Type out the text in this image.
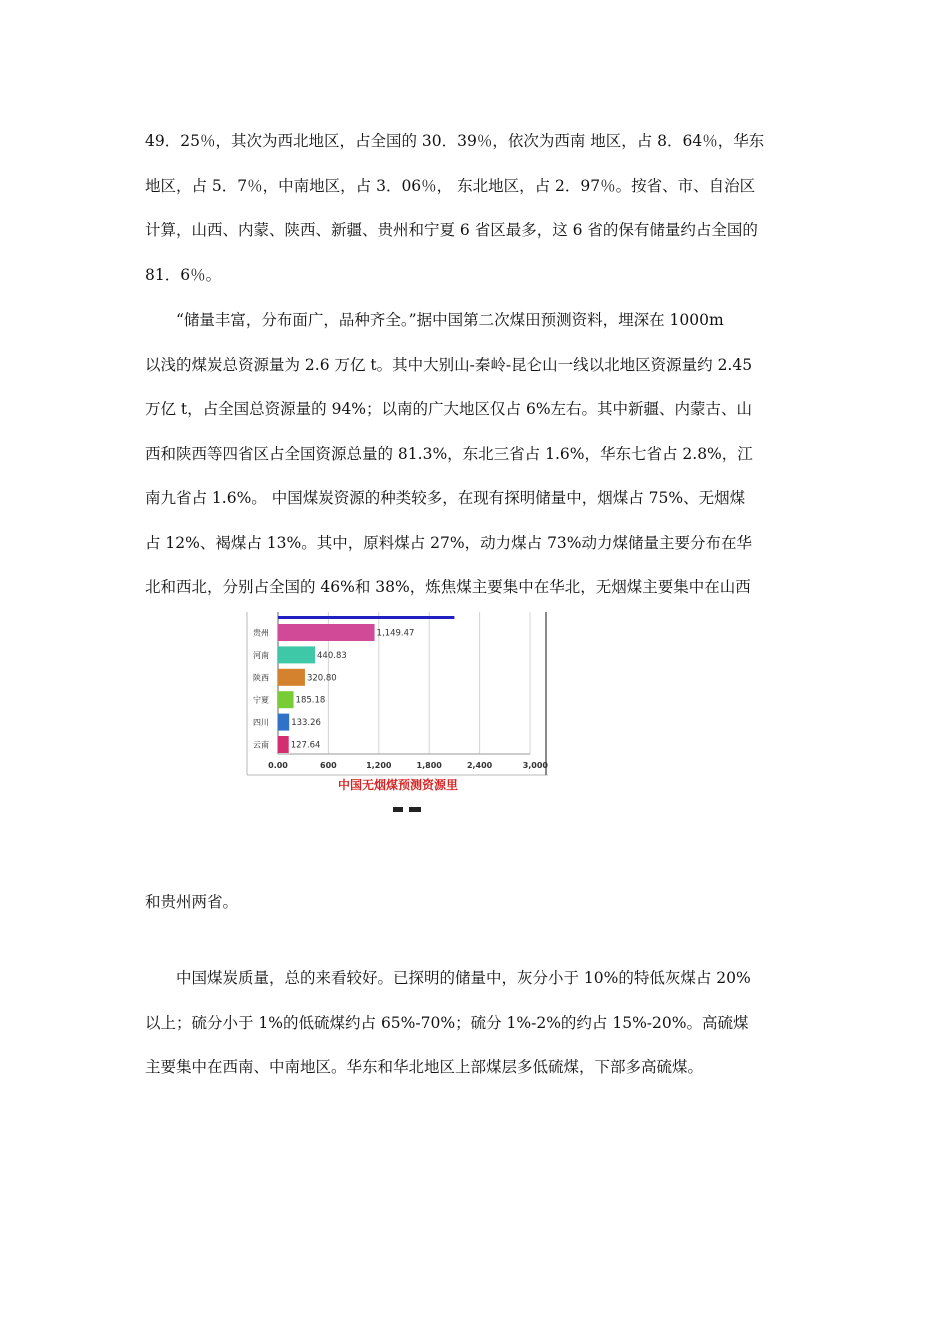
49．25％，其次为西北地区，占全国的 30．39％，依次为西南 地区，占 8．64％，华东
地区，占 5．7％，中南地区，占 3．06％， 东北地区，占 2．97％。按省、市、自治区
计算，山西、内蒙、陕西、新疆、贵州和宁夏 6 省区最多，这 6 省的保有储量约占全国的
81．6％。

“储量丰富，分布面广，品种齐全。”据中国第二次煤田预测资料，埋深在 1000m
以浅的煤炭总资源量为 2.6 万亿 t。其中大别山-秦岭-昆仑山一线以北地区资源量约 2.45
万亿 t，占全国总资源量的 94%；以南的广大地区仅占 6%左右。其中新疆、内蒙古、山
西和陕西等四省区占全国资源总量的 81.3%，东北三省占 1.6%，华东七省占 2.8%，江
南九省占 1.6%。 中国煤炭资源的种类较多，在现有探明储量中，烟煤占 75%、无烟煤
占 12%、褐煤占 13%。其中，原料煤占 27%，动力煤占 73%动力煤储量主要分布在华
北和西北，分别占全国的 46%和 38%，炼焦煤主要集中在华北，无烟煤主要集中在山西

贵州	1,149.47
河南	440.83
陕西	320.80
宁夏	185.18
四川	133.26
云南	127.64
0.00	600	1,200	1,800	2,400	3,000
中国无烟煤预测资源里

和贵州两省。

中国煤炭质量，总的来看较好。已探明的储量中，灰分小于 10%的特低灰煤占 20%
以上；硫分小于 1%的低硫煤约占 65%-70%；硫分 1%-2%的约占 15%-20%。高硫煤
主要集中在西南、中南地区。华东和华北地区上部煤层多低硫煤，下部多高硫煤。
